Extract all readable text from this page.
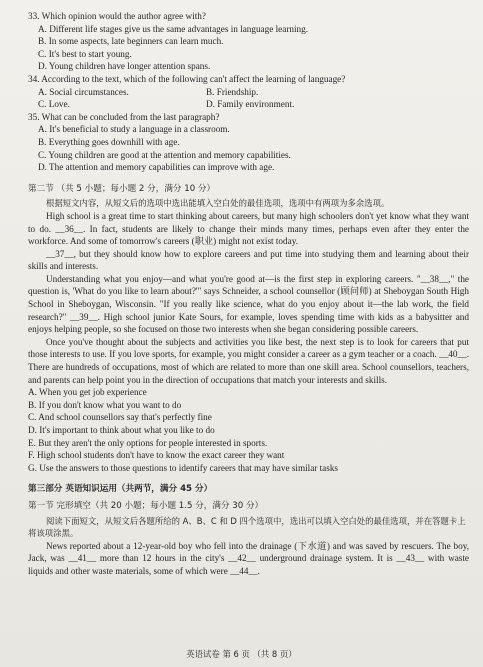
33. Which opinion would the author agree with?

A. Different life stages give us the same advantages in language learning.

B. In some aspects, late beginners can learn much.

C. It's best to start young.

D. Young children have longer attention spans.

34. According to the text, which of the following can't affect the learning of language?

A. Social circumstances.	B. Friendship.
C. Love.	D. Family environment.

35. What can be concluded from the last paragraph?

A. It's beneficial to study a language in a classroom.

B. Everything goes downhill with age.

C. Young children are good at the attention and memory capabilities.

D. The attention and memory capabilities can improve with age.

第二节 （共 5 小题；每小题 2 分，满分 10 分）

根据短文内容，从短文后的选项中选出能填入空白处的最佳选项，选项中有两项为多余选项。

High school is a great time to start thinking about careers, but many high schoolers don't yet know what they want to do. __36__. In fact, students are likely to change their minds many times, perhaps even after they enter the workforce. And some of tomorrow's careers (职业) might not exist today.

__37__, but they should know how to explore careers and put time into studying them and learning about their skills and interests.

Understanding what you enjoy—and what you're good at—is the first step in exploring careers. "__38__," the question is, 'What do you like to learn about?'" says Schneider, a school counsellor (顾问师) at Sheboygan South High School in Sheboygan, Wisconsin. "If you really like science, what do you enjoy about it—the lab work, the field research?" __39__. High school junior Kate Sours, for example, loves spending time with kids as a babysitter and enjoys helping people, so she focused on those two interests when she began considering possible careers.

Once you've thought about the subjects and activities you like best, the next step is to look for careers that put those interests to use. If you love sports, for example, you might consider a career as a gym teacher or a coach. __40__. There are hundreds of occupations, most of which are related to more than one skill area. School counsellors, teachers, and parents can help point you in the direction of occupations that match your interests and skills.

A. When you get job experience

B. If you don't know what you want to do

C. And school counsellors say that's perfectly fine

D. It's important to think about what you like to do

E. But they aren't the only options for people interested in sports.

F. High school students don't have to know the exact career they want

G. Use the answers to those questions to identify careers that may have similar tasks

第三部分 英语知识运用（共两节，满分 45 分）

第一节 完形填空（共 20 小题；每小题 1.5 分，满分 30 分）

阅读下面短文，从短文后各题所给的 A、B、C 和 D 四个选项中，选出可以填入空白处的最佳选项，并在答题卡上将该项涂黑。

News reported about a 12-year-old boy who fell into the drainage (下水道) and was saved by rescuers. The boy, Jack, was __41__ more than 12 hours in the city's __42__ underground drainage system. It is __43__ with waste liquids and other waste materials, some of which were __44__.

英语试卷 第 6 页 （共 8 页）
